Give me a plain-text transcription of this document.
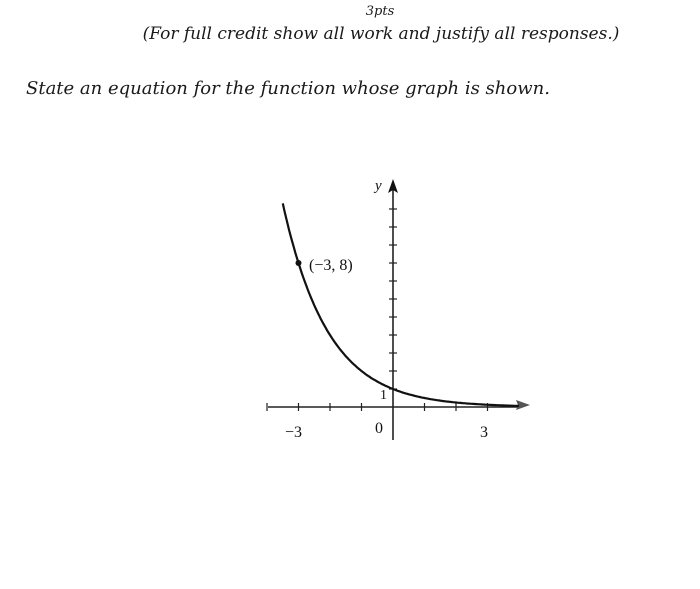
3pts
(For full credit show all work and justify all responses.)
State an equation for the function whose graph is shown.
y
(−3, 8)
1
−3	0	3
